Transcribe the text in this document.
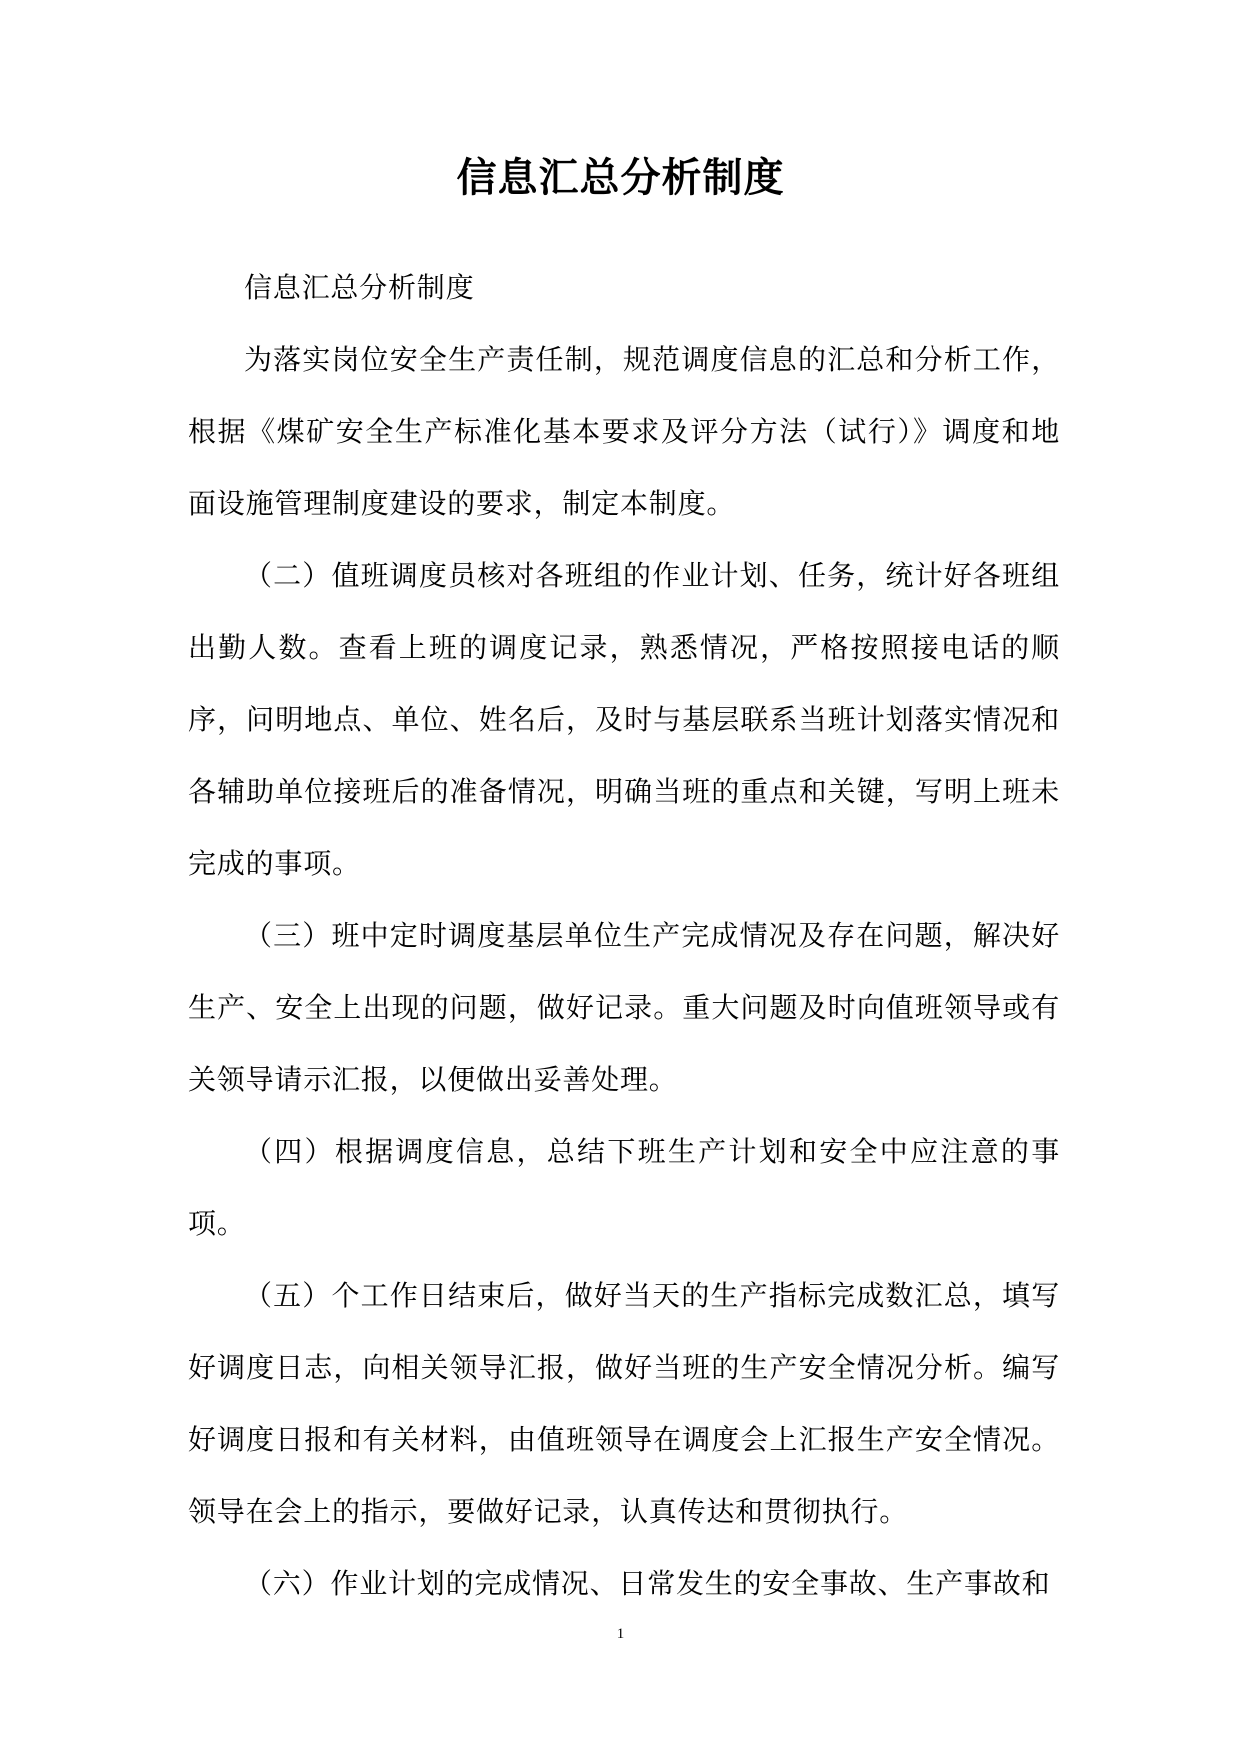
信息汇总分析制度

信息汇总分析制度

为落实岗位安全生产责任制，规范调度信息的汇总和分析工作，根据《煤矿安全生产标准化基本要求及评分方法（试行）》调度和地面设施管理制度建设的要求，制定本制度。

（二）值班调度员核对各班组的作业计划、任务，统计好各班组出勤人数。查看上班的调度记录，熟悉情况，严格按照接电话的顺序，问明地点、单位、姓名后，及时与基层联系当班计划落实情况和各辅助单位接班后的准备情况，明确当班的重点和关键，写明上班未完成的事项。

（三）班中定时调度基层单位生产完成情况及存在问题，解决好生产、安全上出现的问题，做好记录。重大问题及时向值班领导或有关领导请示汇报，以便做出妥善处理。

（四）根据调度信息，总结下班生产计划和安全中应注意的事项。

（五）个工作日结束后，做好当天的生产指标完成数汇总，填写好调度日志，向相关领导汇报，做好当班的生产安全情况分析。编写好调度日报和有关材料，由值班领导在调度会上汇报生产安全情况。领导在会上的指示，要做好记录，认真传达和贯彻执行。

（六）作业计划的完成情况、日常发生的安全事故、生产事故和

1
